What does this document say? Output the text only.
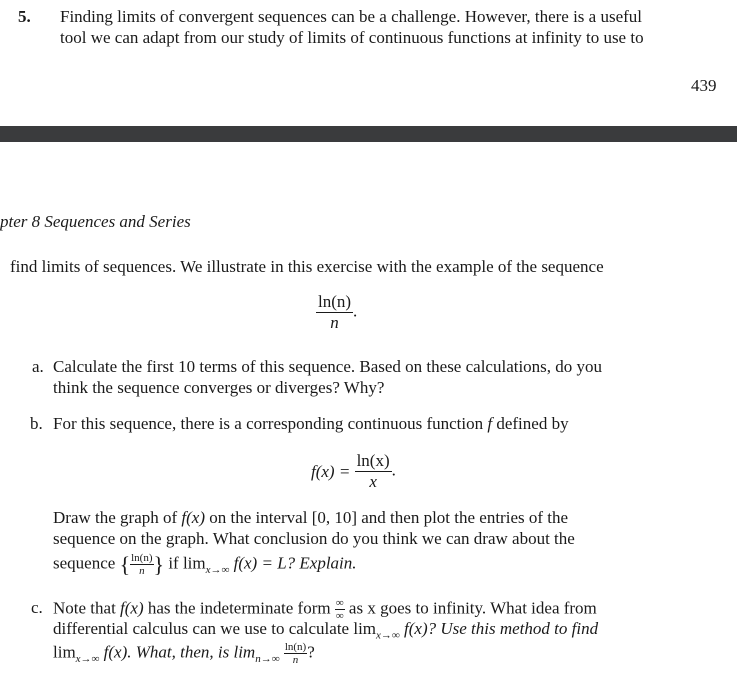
5. Finding limits of convergent sequences can be a challenge. However, there is a useful
tool we can adapt from our study of limits of continuous functions at infinity to use to
439
pter 8 Sequences and Series
find limits of sequences. We illustrate in this exercise with the example of the sequence
$\frac{\ln(n)}{n}$ .
a. Calculate the first 10 terms of this sequence. Based on these calculations, do you
think the sequence converges or diverges? Why?
b. For this sequence, there is a corresponding continuous function f defined by
$f(x) = \frac{\ln(x)}{x}$ .
Draw the graph of f(x) on the interval [0, 10] and then plot the entries of the
sequence on the graph. What conclusion do you think we can draw about the
sequence { $\frac{\ln(n)}{n}$ } if $\lim_{x\to\infty} f(x) = L$? Explain.
c. Note that f(x) has the indeterminate form $\frac{\infty}{\infty}$ as x goes to infinity. What idea from
differential calculus can we use to calculate $\lim_{x\to\infty} f(x)$? Use this method to find
$\lim_{x\to\infty} f(x)$. What, then, is $\lim_{n\to\infty} \frac{\ln(n)}{n}$ ?
